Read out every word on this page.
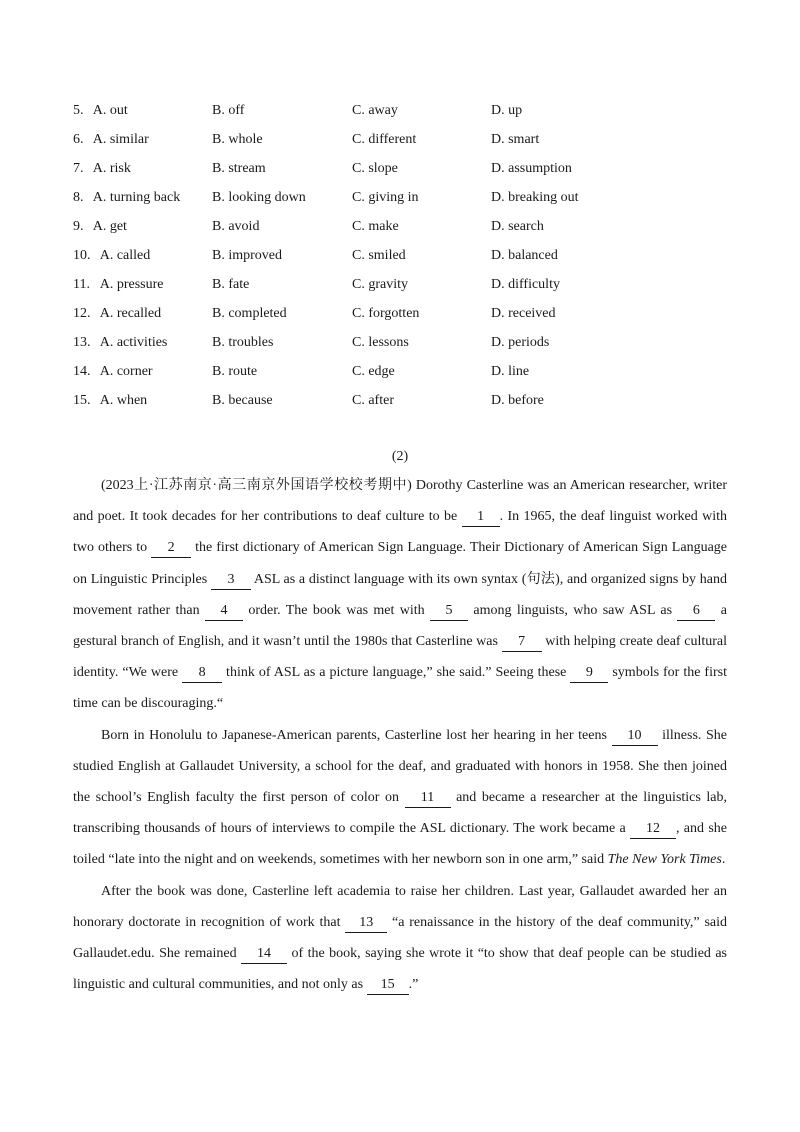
5. A. out	B. off	C. away	D. up
6. A. similar	B. whole	C. different	D. smart
7. A. risk	B. stream	C. slope	D. assumption
8. A. turning back	B. looking down	C. giving in	D. breaking out
9. A. get	B. avoid	C. make	D. search
10. A. called	B. improved	C. smiled	D. balanced
11. A. pressure	B. fate	C. gravity	D. difficulty
12. A. recalled	B. completed	C. forgotten	D. received
13. A. activities	B. troubles	C. lessons	D. periods
14. A. corner	B. route	C. edge	D. line
15. A. when	B. because	C. after	D. before
(2)

(2023上·江苏南京·高三南京外国语学校校考期中) Dorothy Casterline was an American researcher, writer and poet. It took decades for her contributions to deaf culture to be 1 . In 1965, the deaf linguist worked with two others to 2 the first dictionary of American Sign Language. Their Dictionary of American Sign Language on Linguistic Principles 3 ASL as a distinct language with its own syntax (句法), and organized signs by hand movement rather than 4 order. The book was met with 5 among linguists, who saw ASL as 6 a gestural branch of English, and it wasn’t until the 1980s that Casterline was 7 with helping create deaf cultural identity. “We were 8 think of ASL as a picture language,” she said.” Seeing these 9 symbols for the first time can be discouraging.“

Born in Honolulu to Japanese-American parents, Casterline lost her hearing in her teens 10 illness. She studied English at Gallaudet University, a school for the deaf, and graduated with honors in 1958. She then joined the school’s English faculty the first person of color on 11 and became a researcher at the linguistics lab, transcribing thousands of hours of interviews to compile the ASL dictionary. The work became a 12 , and she toiled “late into the night and on weekends, sometimes with her newborn son in one arm,” said The New York Times.

After the book was done, Casterline left academia to raise her children. Last year, Gallaudet awarded her an honorary doctorate in recognition of work that 13 “a renaissance in the history of the deaf community,” said Gallaudet.edu. She remained 14 of the book, saying she wrote it “to show that deaf people can be studied as linguistic and cultural communities, and not only as 15 .”
